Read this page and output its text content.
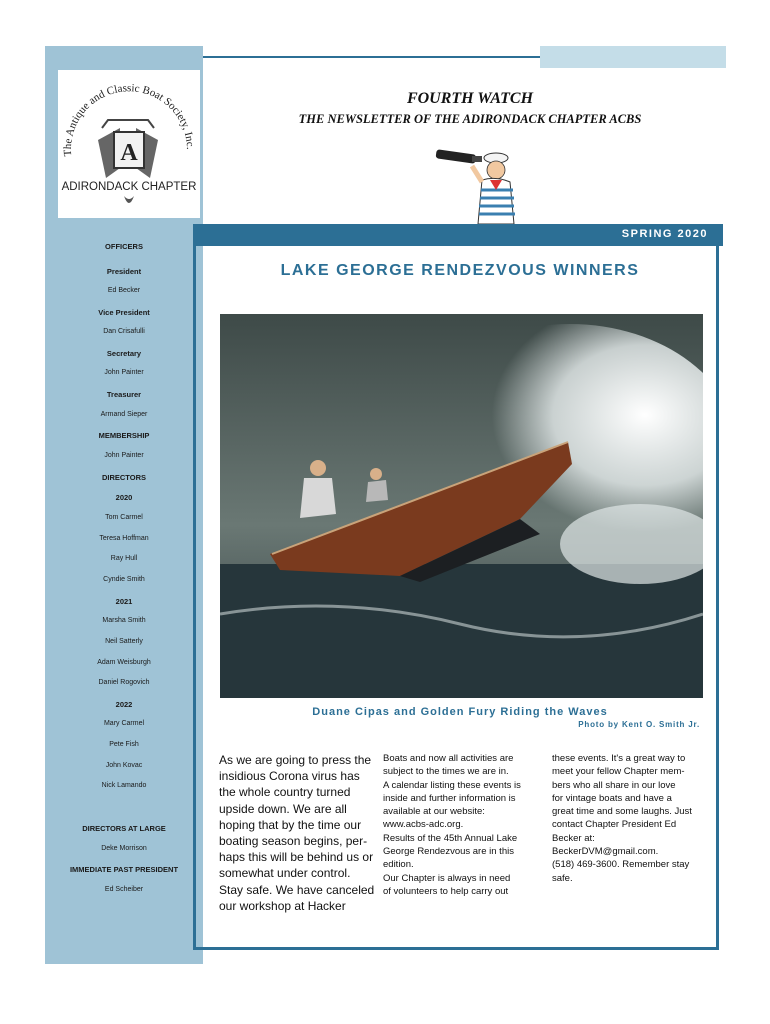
The Antique and Classic Boat Society, Inc.
A
ADIRONDACK CHAPTER
OFFICERS
President
Ed Becker
Vice President
Dan Crisafulli
Secretary
John Painter
Treasurer
Armand Sieper
MEMBERSHIP
John Painter
DIRECTORS
2020
Tom Carmel
Teresa Hoffman
Ray Hull
Cyndie Smith
2021
Marsha Smith
Neil Satterly
Adam Weisburgh
Daniel Rogovich
2022
Mary Carmel
Pete Fish
John Kovac
Nick Lamando
DIRECTORS AT LARGE
Deke Morrison
IMMEDIATE PAST PRESIDENT
Ed Scheiber
FOURTH WATCH
THE NEWSLETTER OF THE ADIRONDACK CHAPTER ACBS
SPRING 2020
LAKE GEORGE RENDEZVOUS WINNERS
Duane Cipas and Golden Fury Riding the Waves
Photo by Kent O. Smith Jr.
As we are going to press the
insidious Corona virus has
the whole country turned
upside down. We are all
hoping that by the time our
boating season begins, per-
haps this will be behind us or
somewhat under control.
Stay safe. We have canceled
our workshop at Hacker
Boats and now all activities are
subject to the times we are in.
A calendar listing these events is
inside and further information is
available at our website:
www.acbs-adc.org.
Results of the 45th Annual Lake
George Rendezvous are in this
edition.
Our Chapter is always in need
of volunteers to help carry out
these events. It's a great way to
meet your fellow Chapter mem-
bers who all share in our love
for vintage boats and have a
great time and some laughs. Just
contact Chapter President Ed
Becker at:
BeckerDVM@gmail.com.
(518) 469-3600. Remember stay
safe.
